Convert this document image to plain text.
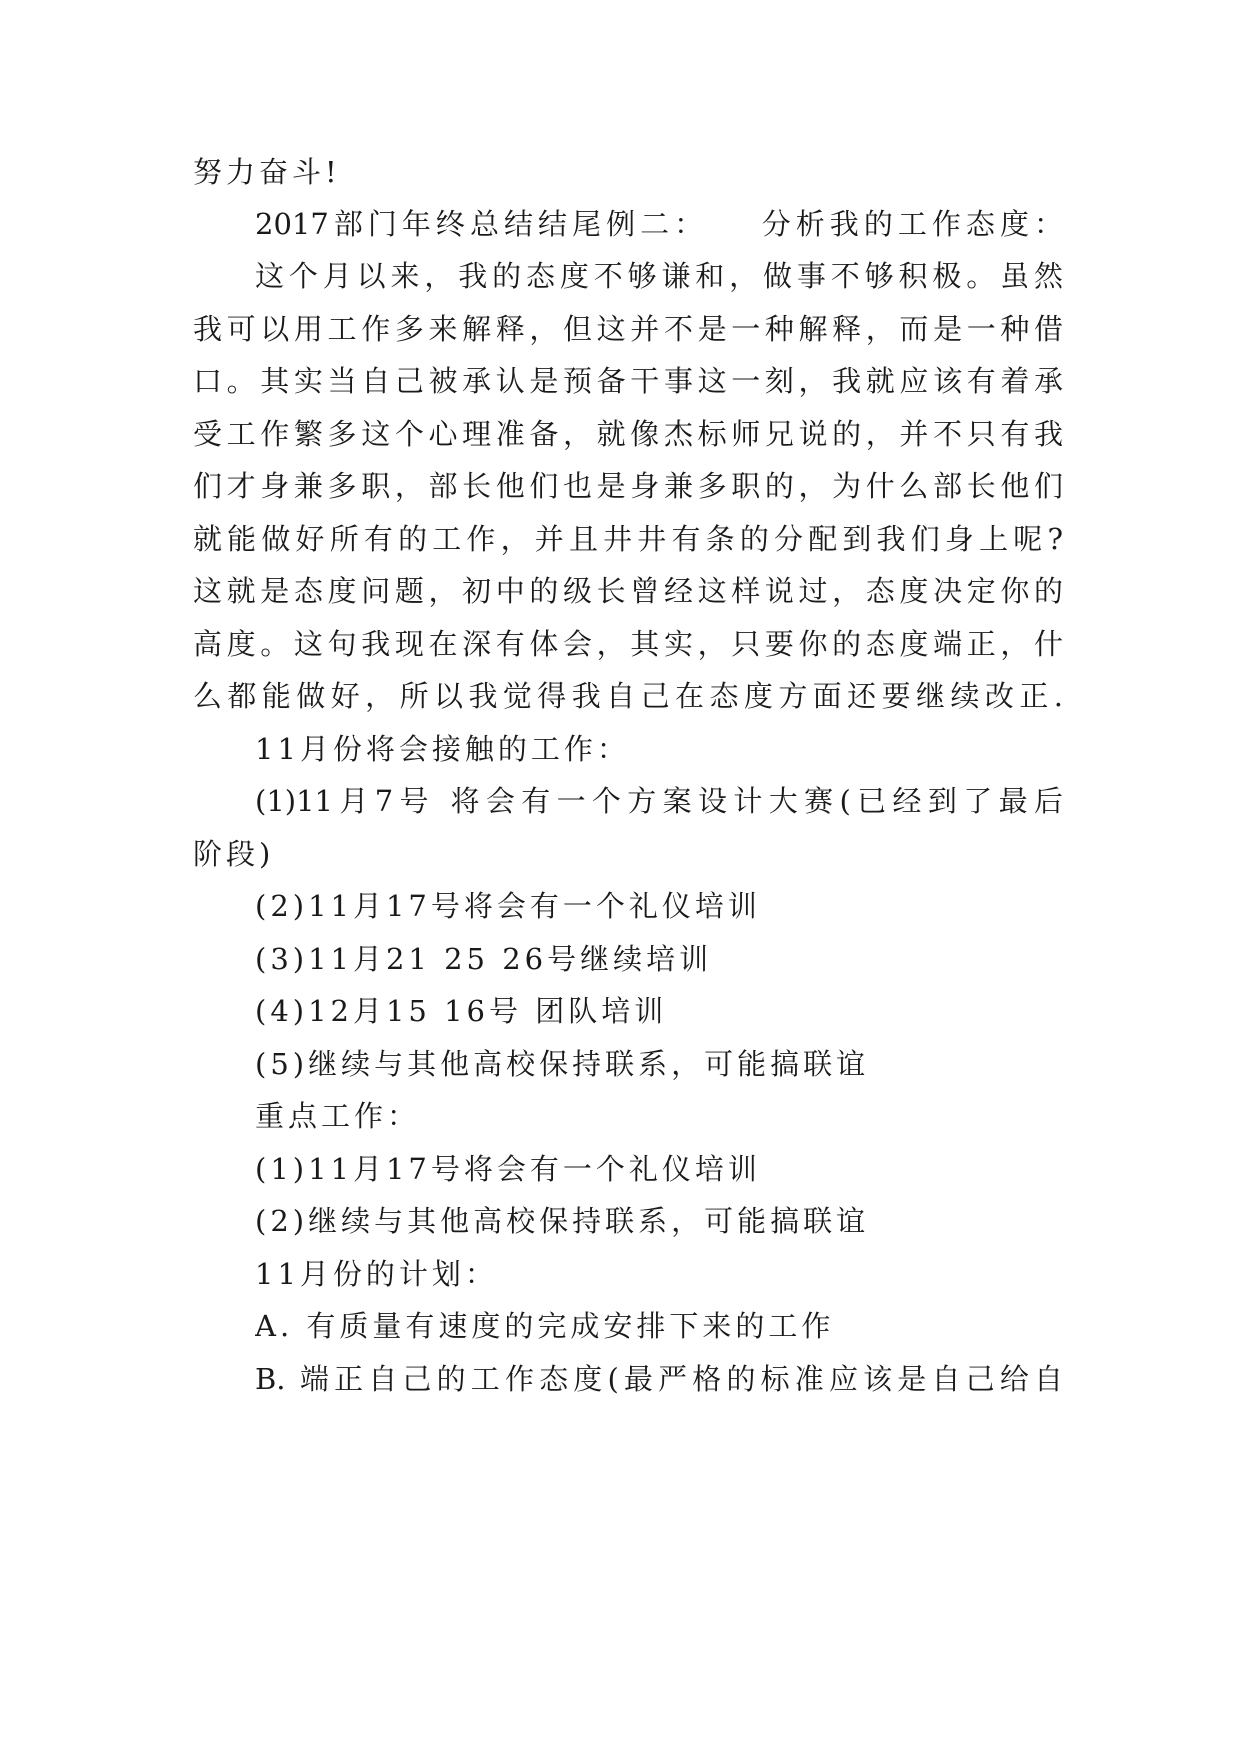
努力奋斗!
2017部门年终总结结尾例二：　　分析我的工作态度：
这个月以来，我的态度不够谦和，做事不够积极。虽然
我可以用工作多来解释，但这并不是一种解释，而是一种借
口。其实当自己被承认是预备干事这一刻，我就应该有着承
受工作繁多这个心理准备，就像杰标师兄说的，并不只有我
们才身兼多职，部长他们也是身兼多职的，为什么部长他们
就能做好所有的工作，并且井井有条的分配到我们身上呢?
这就是态度问题，初中的级长曾经这样说过，态度决定你的
高度。这句我现在深有体会，其实，只要你的态度端正，什
么都能做好，所以我觉得我自己在态度方面还要继续改正.
11月份将会接触的工作：
(1)11月7号 将会有一个方案设计大赛(已经到了最后
阶段)
(2)11月17号将会有一个礼仪培训
(3)11月21 25 26号继续培训
(4)12月15 16号 团队培训
(5)继续与其他高校保持联系，可能搞联谊
重点工作：
(1)11月17号将会有一个礼仪培训
(2)继续与其他高校保持联系，可能搞联谊
11月份的计划：
A. 有质量有速度的完成安排下来的工作
B. 端正自己的工作态度(最严格的标准应该是自己给自
